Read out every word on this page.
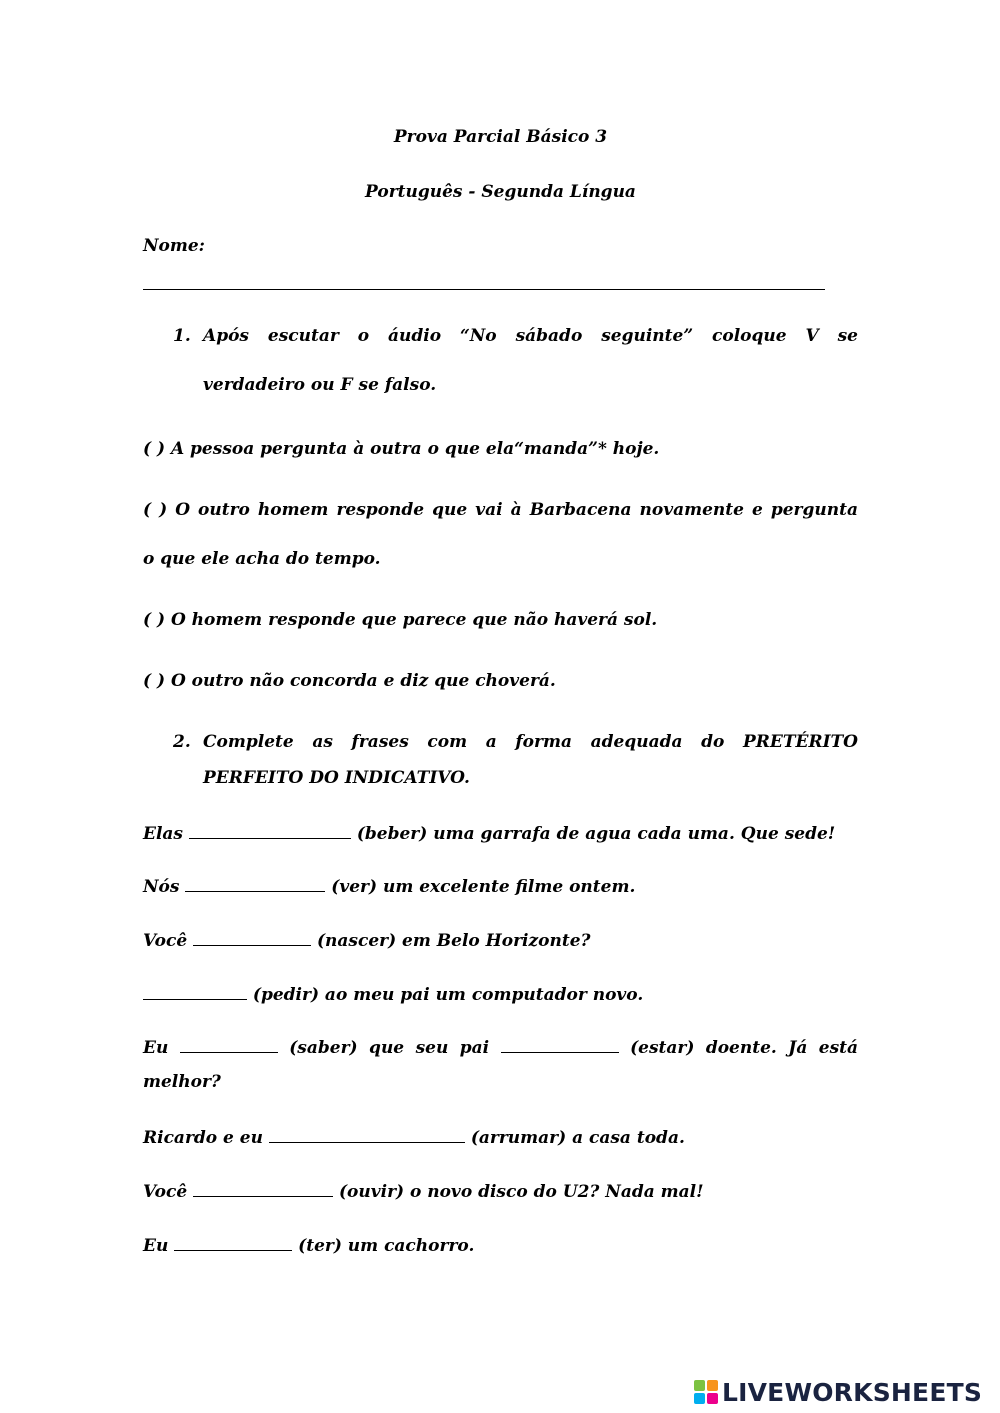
Prova Parcial Básico 3
Português - Segunda Língua
Nome:
1. Após escutar o áudio “No sábado seguinte” coloque V se
verdadeiro ou F se falso.
( ) A pessoa pergunta à outra o que ela“manda”* hoje.
( ) O outro homem responde que vai à Barbacena novamente e pergunta
o que ele acha do tempo.
( ) O homem responde que parece que não haverá sol.
( ) O outro não concorda e diz que choverá.
2. Complete as frases com a forma adequada do PRETÉRITO
PERFEITO DO INDICATIVO.
Elas	(beber) uma garrafa de agua cada uma. Que sede!
Nós	(ver) um excelente filme ontem.
Você	(nascer) em Belo Horizonte?
(pedir) ao meu pai um computador novo.
Eu	(saber) que seu pai	(estar) doente. Já está
melhor?
Ricardo e eu	(arrumar) a casa toda.
Você	(ouvir) o novo disco do U2? Nada mal!
Eu	(ter) um cachorro.
LIVEWORKSHEETS
